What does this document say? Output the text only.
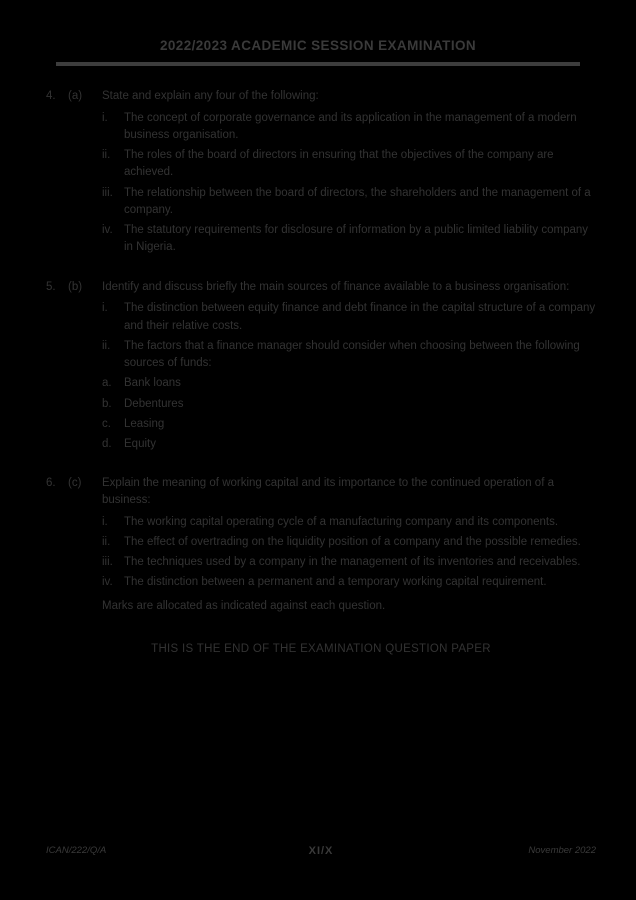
2022/2023 ACADEMIC SESSION EXAMINATION
4.	(a)	State and explain any four of the following:
i.	The concept of corporate governance and its application in the management of a modern business organisation.
ii.	The roles of the board of directors in ensuring that the objectives of the company are achieved.
iii. The relationship between the board of directors, the shareholders and the management of a company.
iv. The statutory requirements for disclosure of information by a public limited liability company in Nigeria.
5.	(b)	Identify and discuss briefly the main sources of finance available to a business organisation:
i.	The distinction between equity finance and debt finance in the capital structure of a company and their relative costs.
ii.	The factors that a finance manager should consider when choosing between the following sources of funds:
a.	Bank loans
b.	Debentures
c.	Leasing
d.	Equity
6.	(c)	Explain the meaning of working capital and its importance to the continued operation of a business:
i.	The working capital operating cycle of a manufacturing company and its components.
ii.	The effect of overtrading on the liquidity position of a company and the possible remedies.
iii. The techniques used by a company in the management of its inventories and receivables.
iv. The distinction between a permanent and a temporary working capital requirement.
Marks are allocated as indicated against each question.
THIS IS THE END OF THE EXAMINATION QUESTION PAPER
ICAN/222/Q/A	XI/X	November 2022
